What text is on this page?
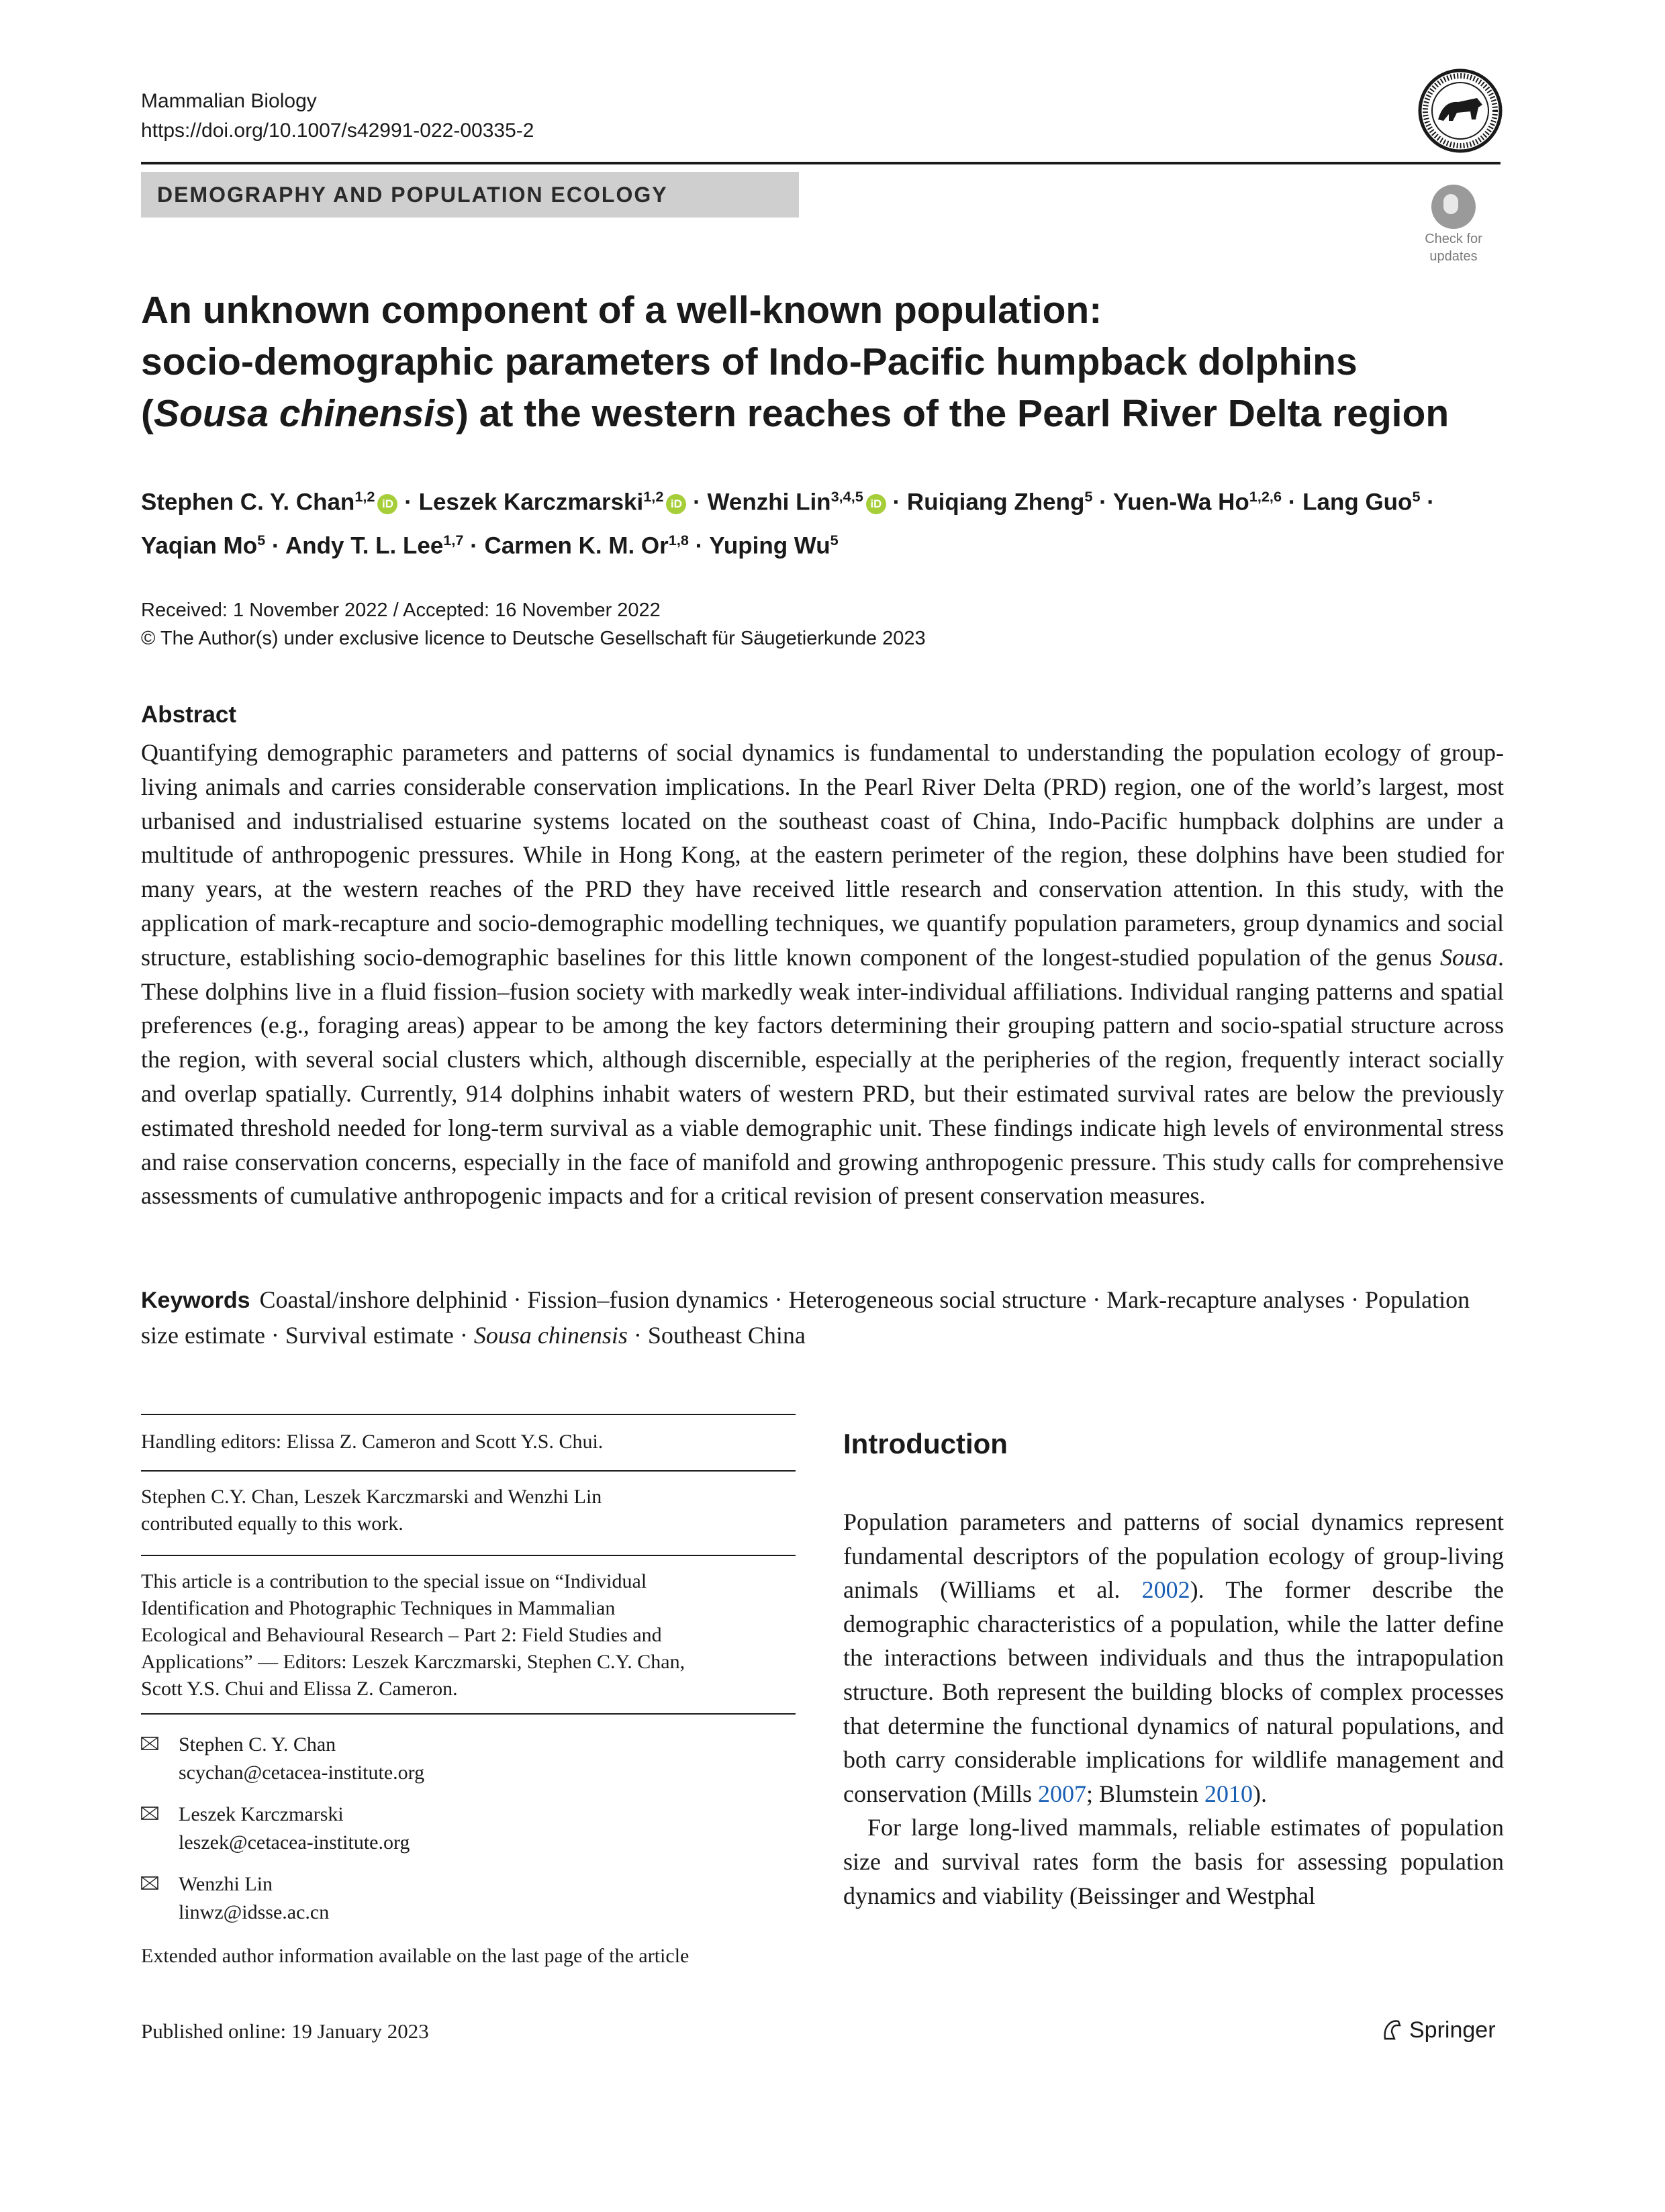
Mammalian Biology
https://doi.org/10.1007/s42991-022-00335-2
DEMOGRAPHY AND POPULATION ECOLOGY
Check for
updates
An unknown component of a well-known population:
socio-demographic parameters of Indo-Pacific humpback dolphins
(Sousa chinensis) at the western reaches of the Pearl River Delta region
Stephen C. Y. Chan$^{1,2}$ iD · Leszek Karczmarski$^{1,2}$ iD · Wenzhi Lin$^{3,4,5}$ iD · Ruiqiang Zheng$^5$ · Yuen-Wa Ho$^{1,2,6}$ · Lang Guo$^5$ ·
Yaqian $Mo^5$ · Andy T. L. Lee$^{1,7}$ · Carmen K. M. Or$^{1,8}$ · Yuping Wu$^5$
Received: 1 November 2022 / Accepted: 16 November 2022
© The Author(s) under exclusive licence to Deutsche Gesellschaft für Säugetierkunde 2023
Abstract
Quantifying demographic parameters and patterns of social dynamics is fundamental to understanding the population ecology of group-living animals and carries considerable conservation implications. In the Pearl River Delta (PRD) region, one of the world’s largest, most urbanised and industrialised estuarine systems located on the southeast coast of China, Indo-Pacific humpback dolphins are under a multitude of anthropogenic pressures. While in Hong Kong, at the eastern perimeter of the region, these dolphins have been studied for many years, at the western reaches of the PRD they have received little research and conservation attention. In this study, with the application of mark-recapture and socio-demographic modelling techniques, we quantify population parameters, group dynamics and social structure, establishing socio-demographic baselines for this little known component of the longest-studied population of the genus Sousa. These dolphins live in a fluid fission–fusion society with markedly weak inter-individual affiliations. Individual ranging patterns and spatial preferences (e.g., foraging areas) appear to be among the key factors determining their grouping pattern and socio-spatial structure across the region, with several social clusters which, although discernible, especially at the peripheries of the region, frequently interact socially and overlap spatially. Currently, 914 dolphins inhabit waters of western PRD, but their estimated survival rates are below the previously estimated threshold needed for long-term survival as a viable demographic unit. These findings indicate high levels of environmental stress and raise conservation concerns, especially in the face of manifold and growing anthropogenic pressure. This study calls for comprehensive assessments of cumulative anthropogenic impacts and for a critical revision of present conservation measures.
Keywords Coastal/inshore delphinid · Fission–fusion dynamics · Heterogeneous social structure · Mark-recapture analyses · Population size estimate · Survival estimate · Sousa chinensis · Southeast China
Handling editors: Elissa Z. Cameron and Scott Y.S. Chui.
Stephen C.Y. Chan, Leszek Karczmarski and Wenzhi Lin
contributed equally to this work.
This article is a contribution to the special issue on “Individual
Identification and Photographic Techniques in Mammalian
Ecological and Behavioural Research – Part 2: Field Studies and
Applications” — Editors: Leszek Karczmarski, Stephen C.Y. Chan,
Scott Y.S. Chui and Elissa Z. Cameron.
Stephen C. Y. Chan
scychan@cetacea-institute.org
Leszek Karczmarski
leszek@cetacea-institute.org
Wenzhi Lin
linwz@idsse.ac.cn
Extended author information available on the last page of the article
Introduction

Population parameters and patterns of social dynamics represent fundamental descriptors of the population ecology of group-living animals (Williams et al. 2002). The former describe the demographic characteristics of a population, while the latter define the interactions between individuals and thus the intrapopulation structure. Both represent the building blocks of complex processes that determine the functional dynamics of natural populations, and both carry considerable implications for wildlife management and conservation (Mills 2007; Blumstein 2010).

For large long-lived mammals, reliable estimates of population size and survival rates form the basis for assessing population dynamics and viability (Beissinger and Westphal

Published online: 19 January 2023	Springer
